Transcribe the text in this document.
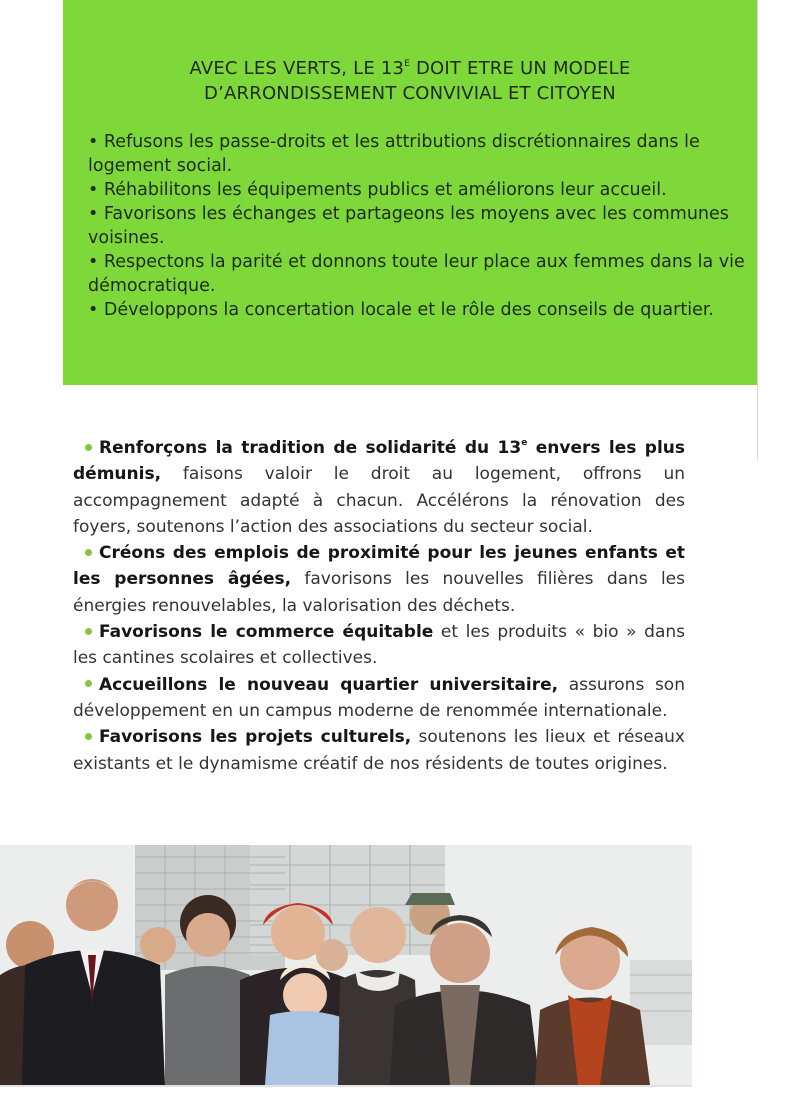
AVEC LES VERTS, LE $13^E$ DOIT ETRE UN MODELE
D’ARRONDISSEMENT CONVIVIAL ET CITOYEN

• Refusons les passe-droits et les attributions discrétionnaires dans le logement social.

• Réhabilitons les équipements publics et améliorons leur accueil.

• Favorisons les échanges et partageons les moyens avec les communes voisines.

• Respectons la parité et donnons toute leur place aux femmes dans la vie démocratique.

• Développons la concertation locale et le rôle des conseils de quartier.

Renforçons la tradition de solidarité du 13e envers les plus démunis, faisons valoir le droit au logement, offrons un accompagnement adapté à chacun. Accélérons la rénovation des foyers, soutenons l’action des associations du secteur social.

Créons des emplois de proximité pour les jeunes enfants et les personnes âgées, favorisons les nouvelles filières dans les énergies renouvelables, la valorisation des déchets.

Favorisons le commerce équitable et les produits « bio » dans les cantines scolaires et collectives.

Accueillons le nouveau quartier universitaire, assurons son développement en un campus moderne de renommée internationale.

Favorisons les projets culturels, soutenons les lieux et réseaux existants et le dynamisme créatif de nos résidents de toutes origines.
